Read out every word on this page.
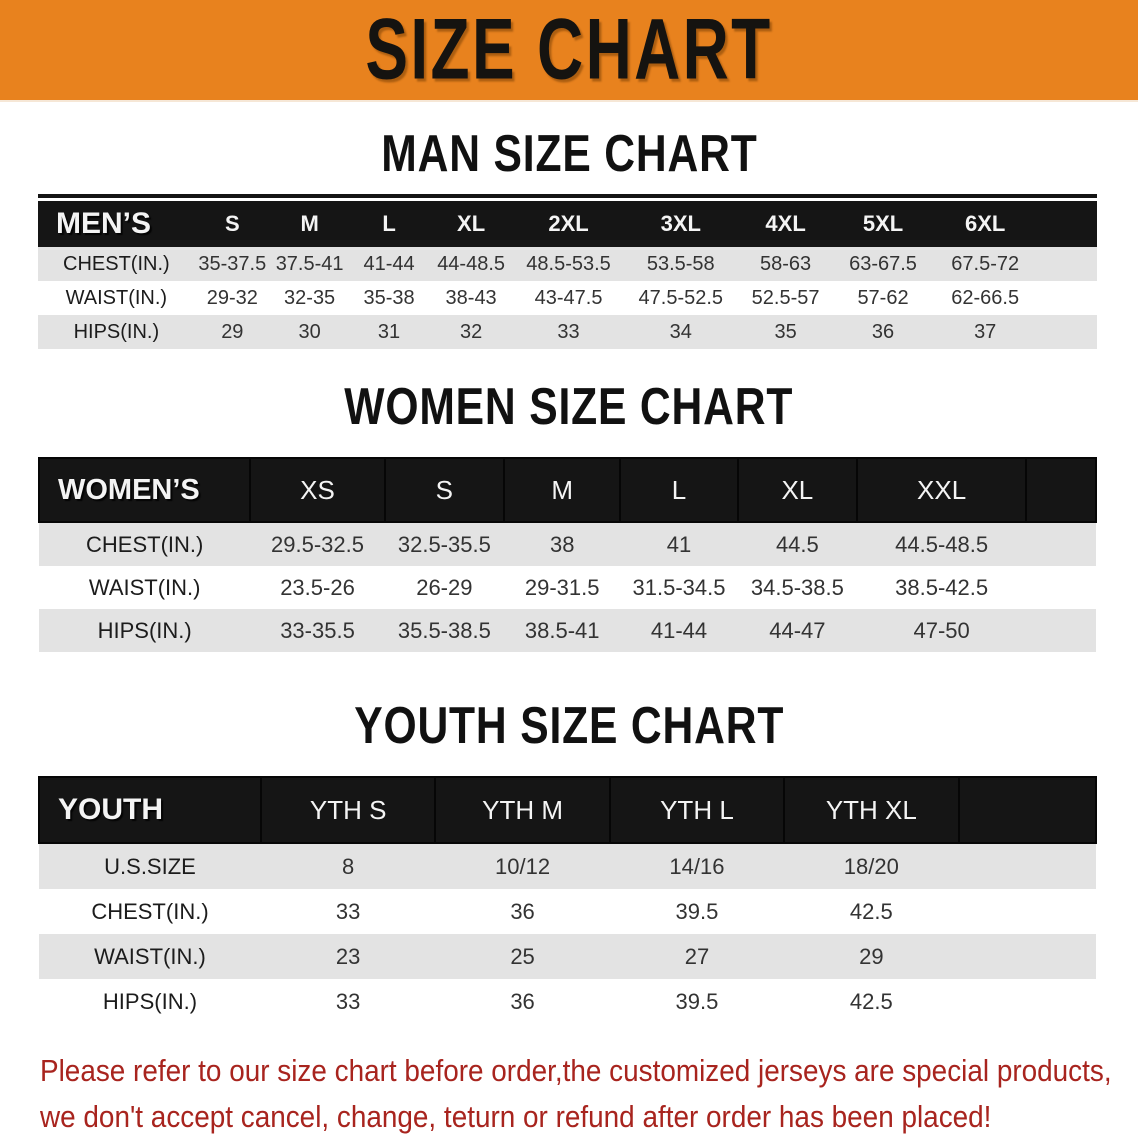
SIZE CHART
MAN SIZE CHART
MEN’S	S	M	L	XL	2XL	3XL	4XL	5XL	6XL	
CHEST(IN.)	35-37.5	37.5-41	41-44	44-48.5	48.5-53.5	53.5-58	58-63	63-67.5	67.5-72	
WAIST(IN.)	29-32	32-35	35-38	38-43	43-47.5	47.5-52.5	52.5-57	57-62	62-66.5	
HIPS(IN.)	29	30	31	32	33	34	35	36	37	
WOMEN SIZE CHART
WOMEN’S	XS	S	M	L	XL	XXL	
CHEST(IN.)	29.5-32.5	32.5-35.5	38	41	44.5	44.5-48.5	
WAIST(IN.)	23.5-26	26-29	29-31.5	31.5-34.5	34.5-38.5	38.5-42.5	
HIPS(IN.)	33-35.5	35.5-38.5	38.5-41	41-44	44-47	47-50	
YOUTH SIZE CHART
YOUTH	YTH S	YTH M	YTH L	YTH XL	
U.S.SIZE	8	10/12	14/16	18/20	
CHEST(IN.)	33	36	39.5	42.5	
WAIST(IN.)	23	25	27	29	
HIPS(IN.)	33	36	39.5	42.5	
Please refer to our size chart before order,the customized jerseys are special products,
we don't accept cancel, change, teturn or refund after order has been placed!
